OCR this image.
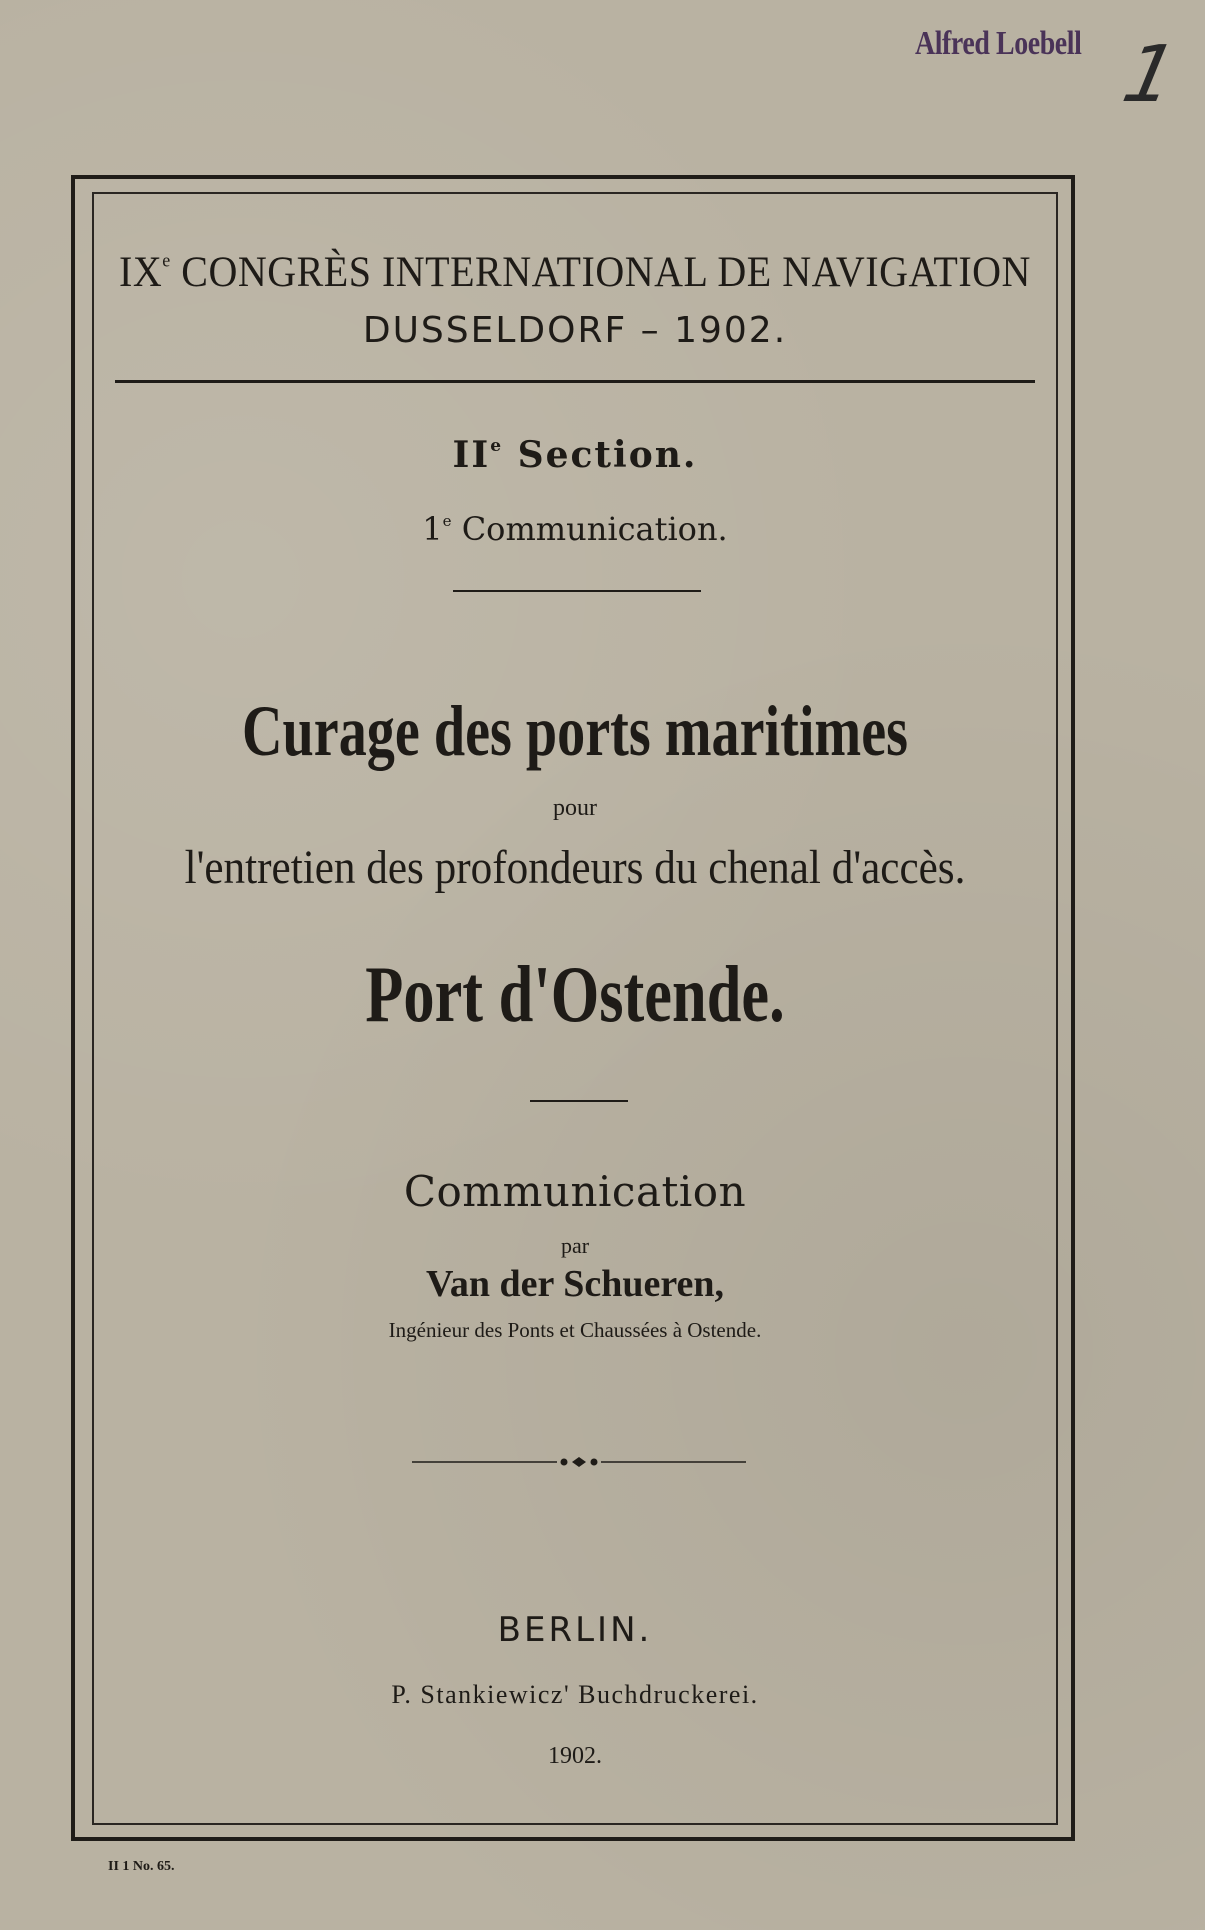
Alfred Loebell 1
IXe CONGRÈS INTERNATIONAL DE NAVIGATION
DUSSELDORF – 1902.
IIe Section.
1e Communication.
Curage des ports maritimes
pour
l'entretien des profondeurs du chenal d'accès.
Port d'Ostende.
Communication
par
Van der Schueren,
Ingénieur des Ponts et Chaussées à Ostende.
BERLIN.
P. Stankiewicz' Buchdruckerei.
1902.
II 1 No. 65.
